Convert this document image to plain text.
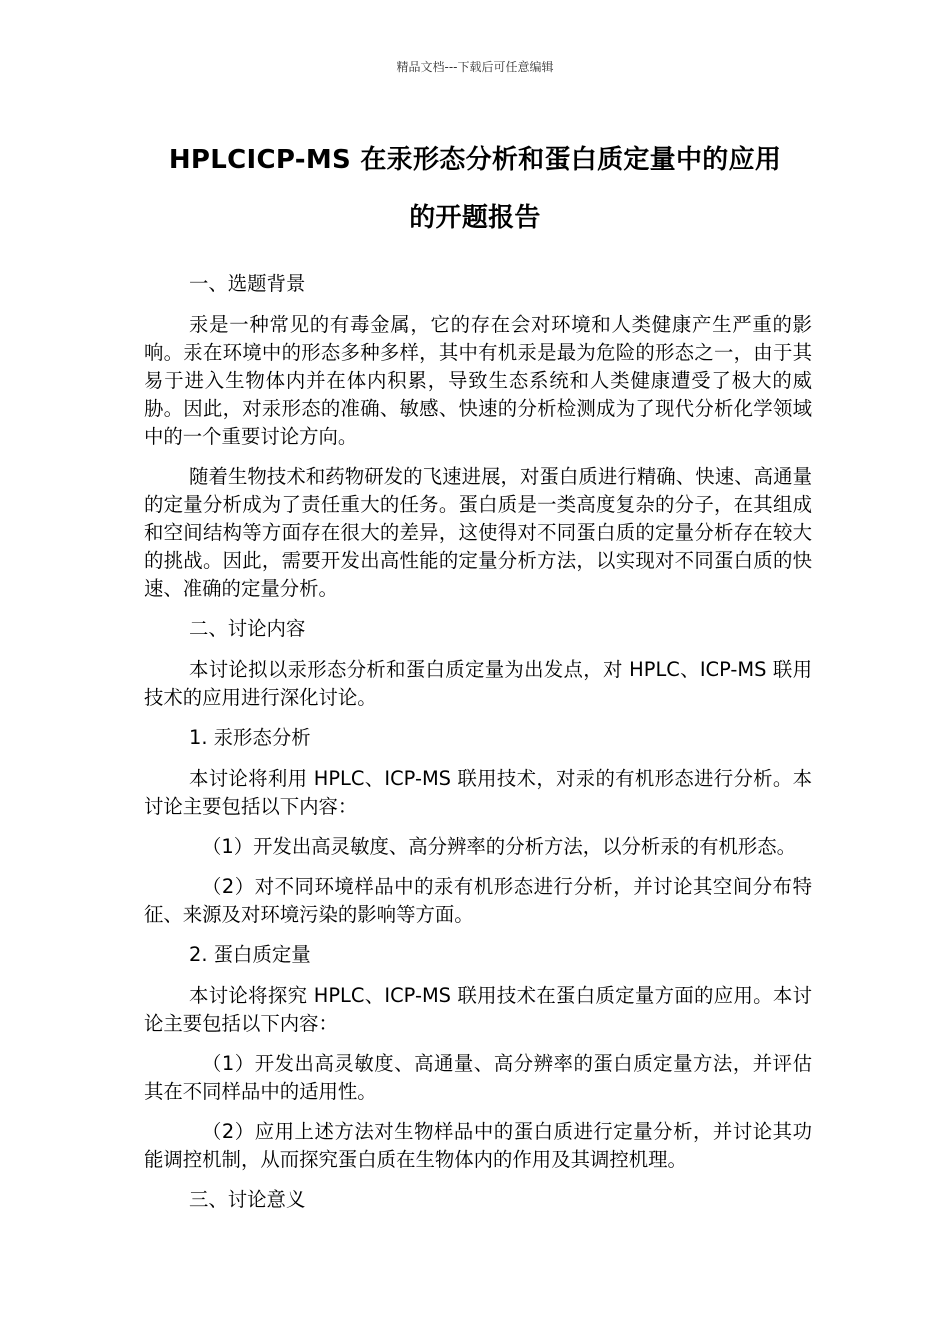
精品文档---下载后可任意编辑
HPLCICP-MS 在汞形态分析和蛋白质定量中的应用
的开题报告

一、选题背景

汞是一种常见的有毒金属，它的存在会对环境和人类健康产生严重的影响。汞在环境中的形态多种多样，其中有机汞是最为危险的形态之一，由于其易于进入生物体内并在体内积累，导致生态系统和人类健康遭受了极大的威胁。因此，对汞形态的准确、敏感、快速的分析检测成为了现代分析化学领域中的一个重要讨论方向。

随着生物技术和药物研发的飞速进展，对蛋白质进行精确、快速、高通量的定量分析成为了责任重大的任务。蛋白质是一类高度复杂的分子，在其组成和空间结构等方面存在很大的差异，这使得对不同蛋白质的定量分析存在较大的挑战。因此，需要开发出高性能的定量分析方法，以实现对不同蛋白质的快速、准确的定量分析。

二、讨论内容

本讨论拟以汞形态分析和蛋白质定量为出发点，对 HPLC、ICP-MS 联用技术的应用进行深化讨论。

1. 汞形态分析

本讨论将利用 HPLC、ICP-MS 联用技术，对汞的有机形态进行分析。本讨论主要包括以下内容：

（1）开发出高灵敏度、高分辨率的分析方法，以分析汞的有机形态。

（2）对不同环境样品中的汞有机形态进行分析，并讨论其空间分布特征、来源及对环境污染的影响等方面。

2. 蛋白质定量

本讨论将探究 HPLC、ICP-MS 联用技术在蛋白质定量方面的应用。本讨论主要包括以下内容：

（1）开发出高灵敏度、高通量、高分辨率的蛋白质定量方法，并评估其在不同样品中的适用性。

（2）应用上述方法对生物样品中的蛋白质进行定量分析，并讨论其功能调控机制，从而探究蛋白质在生物体内的作用及其调控机理。

三、讨论意义
